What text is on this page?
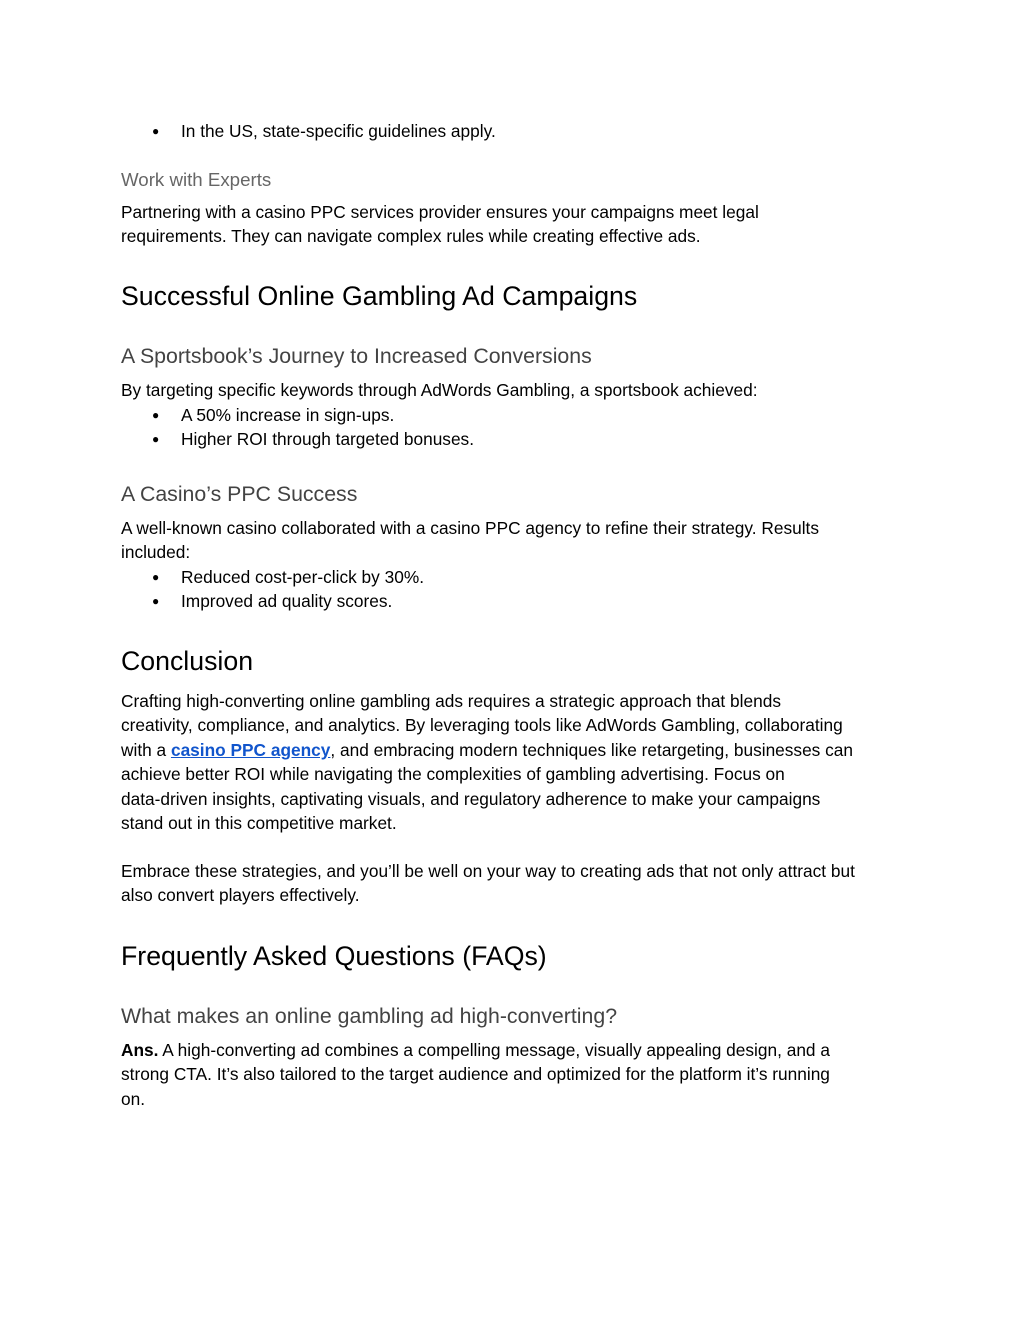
● In the US, state-specific guidelines apply.
Work with Experts

Partnering with a casino PPC services provider ensures your campaigns meet legal
requirements. They can navigate complex rules while creating effective ads.

Successful Online Gambling Ad Campaigns
A Sportsbook’s Journey to Increased Conversions

By targeting specific keywords through AdWords Gambling, a sportsbook achieved:

● A 50% increase in sign-ups.
● Higher ROI through targeted bonuses.
A Casino’s PPC Success

A well-known casino collaborated with a casino PPC agency to refine their strategy. Results
included:

● Reduced cost-per-click by 30%.
● Improved ad quality scores.
Conclusion

Crafting high-converting online gambling ads requires a strategic approach that blends
creativity, compliance, and analytics. By leveraging tools like AdWords Gambling, collaborating
with a casino PPC agency, and embracing modern techniques like retargeting, businesses can
achieve better ROI while navigating the complexities of gambling advertising. Focus on
data-driven insights, captivating visuals, and regulatory adherence to make your campaigns
stand out in this competitive market.

Embrace these strategies, and you’ll be well on your way to creating ads that not only attract but
also convert players effectively.

Frequently Asked Questions (FAQs)
What makes an online gambling ad high-converting?

Ans. A high-converting ad combines a compelling message, visually appealing design, and a
strong CTA. It’s also tailored to the target audience and optimized for the platform it’s running
on.
